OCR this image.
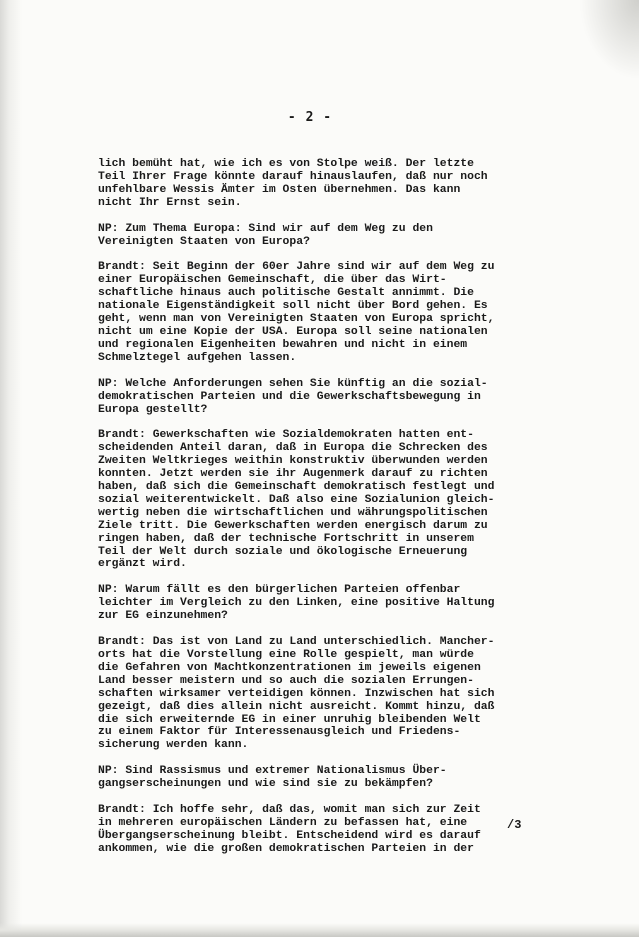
- 2 -

lich bemüht hat, wie ich es von Stolpe weiß. Der letzte
Teil Ihrer Frage könnte darauf hinauslaufen, daß nur noch
unfehlbare Wessis Ämter im Osten übernehmen. Das kann
nicht Ihr Ernst sein.

NP: Zum Thema Europa: Sind wir auf dem Weg zu den
Vereinigten Staaten von Europa?

Brandt: Seit Beginn der 60er Jahre sind wir auf dem Weg zu
einer Europäischen Gemeinschaft, die über das Wirt-
schaftliche hinaus auch politische Gestalt annimmt. Die
nationale Eigenständigkeit soll nicht über Bord gehen. Es
geht, wenn man von Vereinigten Staaten von Europa spricht,
nicht um eine Kopie der USA. Europa soll seine nationalen
und regionalen Eigenheiten bewahren und nicht in einem
Schmelztegel aufgehen lassen.

NP: Welche Anforderungen sehen Sie künftig an die sozial-
demokratischen Parteien und die Gewerkschaftsbewegung in
Europa gestellt?

Brandt: Gewerkschaften wie Sozialdemokraten hatten ent-
scheidenden Anteil daran, daß in Europa die Schrecken des
Zweiten Weltkrieges weithin konstruktiv überwunden werden
konnten. Jetzt werden sie ihr Augenmerk darauf zu richten
haben, daß sich die Gemeinschaft demokratisch festlegt und
sozial weiterentwickelt. Daß also eine Sozialunion gleich-
wertig neben die wirtschaftlichen und währungspolitischen
Ziele tritt. Die Gewerkschaften werden energisch darum zu
ringen haben, daß der technische Fortschritt in unserem
Teil der Welt durch soziale und ökologische Erneuerung
ergänzt wird.

NP: Warum fällt es den bürgerlichen Parteien offenbar
leichter im Vergleich zu den Linken, eine positive Haltung
zur EG einzunehmen?

Brandt: Das ist von Land zu Land unterschiedlich. Mancher-
orts hat die Vorstellung eine Rolle gespielt, man würde
die Gefahren von Machtkonzentrationen im jeweils eigenen
Land besser meistern und so auch die sozialen Errungen-
schaften wirksamer verteidigen können. Inzwischen hat sich
gezeigt, daß dies allein nicht ausreicht. Kommt hinzu, daß
die sich erweiternde EG in einer unruhig bleibenden Welt
zu einem Faktor für Interessenausgleich und Friedens-
sicherung werden kann.

NP: Sind Rassismus und extremer Nationalismus Über-
gangserscheinungen und wie sind sie zu bekämpfen?

Brandt: Ich hoffe sehr, daß das, womit man sich zur Zeit
in mehreren europäischen Ländern zu befassen hat, eine
Übergangserscheinung bleibt. Entscheidend wird es darauf
ankommen, wie die großen demokratischen Parteien in der

/3
